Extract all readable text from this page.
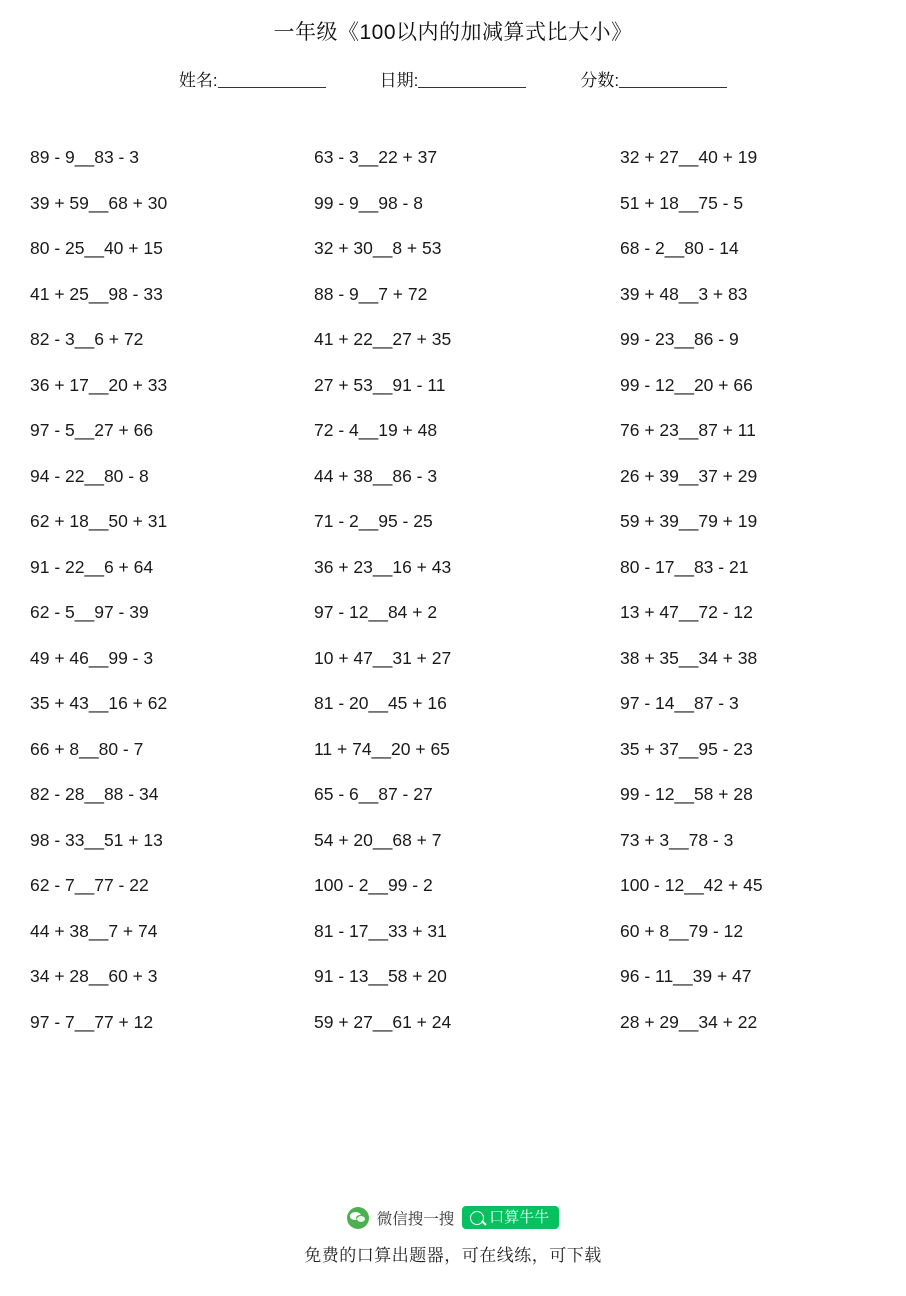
一年级《100以内的加减算式比大小》
姓名:	日期:	分数:
89 - 9__83 - 3
39 + 59__68 + 30
80 - 25__40 + 15
41 + 25__98 - 33
82 - 3__6 + 72
36 + 17__20 + 33
97 - 5__27 + 66
94 - 22__80 - 8
62 + 18__50 + 31
91 - 22__6 + 64
62 - 5__97 - 39
49 + 46__99 - 3
35 + 43__16 + 62
66 + 8__80 - 7
82 - 28__88 - 34
98 - 33__51 + 13
62 - 7__77 - 22
44 + 38__7 + 74
34 + 28__60 + 3
97 - 7__77 + 12
63 - 3__22 + 37
99 - 9__98 - 8
32 + 30__8 + 53
88 - 9__7 + 72
41 + 22__27 + 35
27 + 53__91 - 11
72 - 4__19 + 48
44 + 38__86 - 3
71 - 2__95 - 25
36 + 23__16 + 43
97 - 12__84 + 2
10 + 47__31 + 27
81 - 20__45 + 16
11 + 74__20 + 65
65 - 6__87 - 27
54 + 20__68 + 7
100 - 2__99 - 2
81 - 17__33 + 31
91 - 13__58 + 20
59 + 27__61 + 24
32 + 27__40 + 19
51 + 18__75 - 5
68 - 2__80 - 14
39 + 48__3 + 83
99 - 23__86 - 9
99 - 12__20 + 66
76 + 23__87 + 11
26 + 39__37 + 29
59 + 39__79 + 19
80 - 17__83 - 21
13 + 47__72 - 12
38 + 35__34 + 38
97 - 14__87 - 3
35 + 37__95 - 23
99 - 12__58 + 28
73 + 3__78 - 3
100 - 12__42 + 45
60 + 8__79 - 12
96 - 11__39 + 47
28 + 29__34 + 22
微信搜一搜 口算牛牛
免费的口算出题器，可在线练，可下载
